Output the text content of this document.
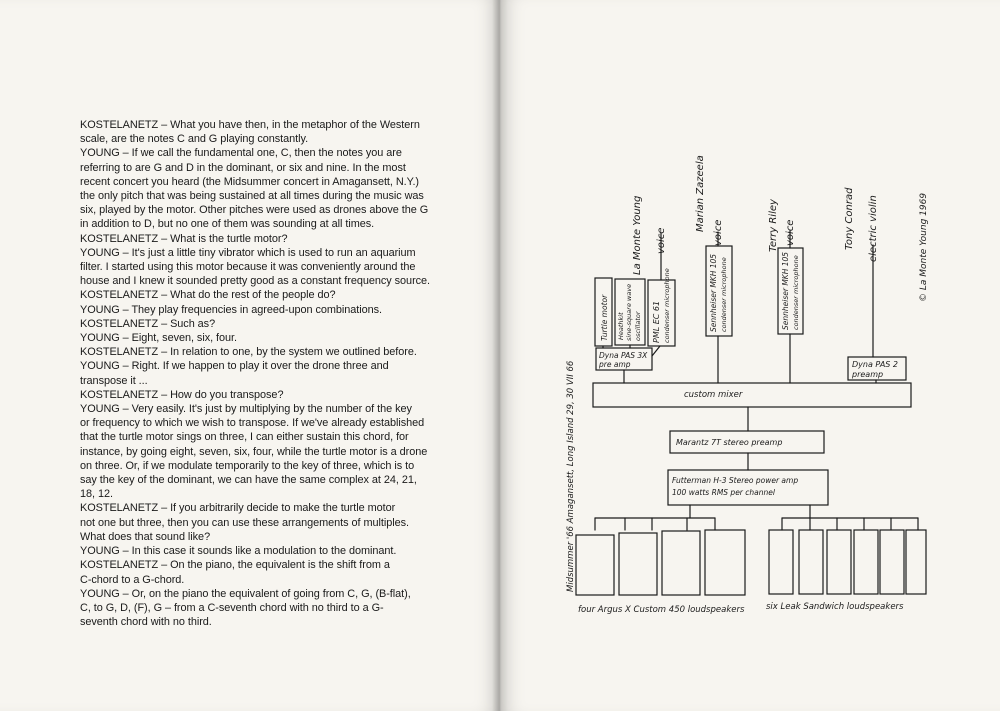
KOSTELANETZ – What you have then, in the metaphor of the Western
scale, are the notes C and G playing constantly.
YOUNG – If we call the fundamental one, C, then the notes you are
referring to are G and D in the dominant, or six and nine. In the most
recent concert you heard (the Midsummer concert in Amagansett, N.Y.)
the only pitch that was being sustained at all times during the music was
six, played by the motor. Other pitches were used as drones above the G
in addition to D, but no one of them was sounding at all times.
KOSTELANETZ – What is the turtle motor?
YOUNG – It's just a little tiny vibrator which is used to run an aquarium
filter. I started using this motor because it was conveniently around the
house and I knew it sounded pretty good as a constant frequency source.
KOSTELANETZ – What do the rest of the people do?
YOUNG – They play frequencies in agreed-upon combinations.
KOSTELANETZ – Such as?
YOUNG – Eight, seven, six, four.
KOSTELANETZ – In relation to one, by the system we outlined before.
YOUNG – Right. If we happen to play it over the drone three and
transpose it ...
KOSTELANETZ – How do you transpose?
YOUNG – Very easily. It's just by multiplying by the number of the key
or frequency to which we wish to transpose. If we've already established
that the turtle motor sings on three, I can either sustain this chord, for
instance, by going eight, seven, six, four, while the turtle motor is a drone
on three. Or, if we modulate temporarily to the key of three, which is to
say the key of the dominant, we can have the same complex at 24, 21,
18, 12.
KOSTELANETZ – If you arbitrarily decide to make the turtle motor
not one but three, then you can use these arrangements of multiples.
What does that sound like?
YOUNG – In this case it sounds like a modulation to the dominant.
KOSTELANETZ – On the piano, the equivalent is the shift from a
C-chord to a G-chord.
YOUNG – Or, on the piano the equivalent of going from C, G, (B-flat),
C, to G, D, (F), G – from a C-seventh chord with no third to a G-
seventh chord with no third.
La Monte Young voice
Marian Zazeela
voice	Terry Riley voice	Tony Conrad electric violin	© La Monte Young 1969
Midsummer '66 Amagansett, Long Island 29, 30 VII 66
Turtle motor Heathkit sine-square wave oscillator PML EC 61 condenser microphone	Sennheiser MKH 105 condenser microphone	Sennheiser MKH 105 condenser microphone
Dyna PAS 3X
pre amp	Dyna PAS 2
preamp
custom mixer
Marantz 7T stereo preamp
Futterman H-3 Stereo power amp
100 watts RMS per channel
four Argus X Custom 450 loudspeakers	six Leak Sandwich loudspeakers
